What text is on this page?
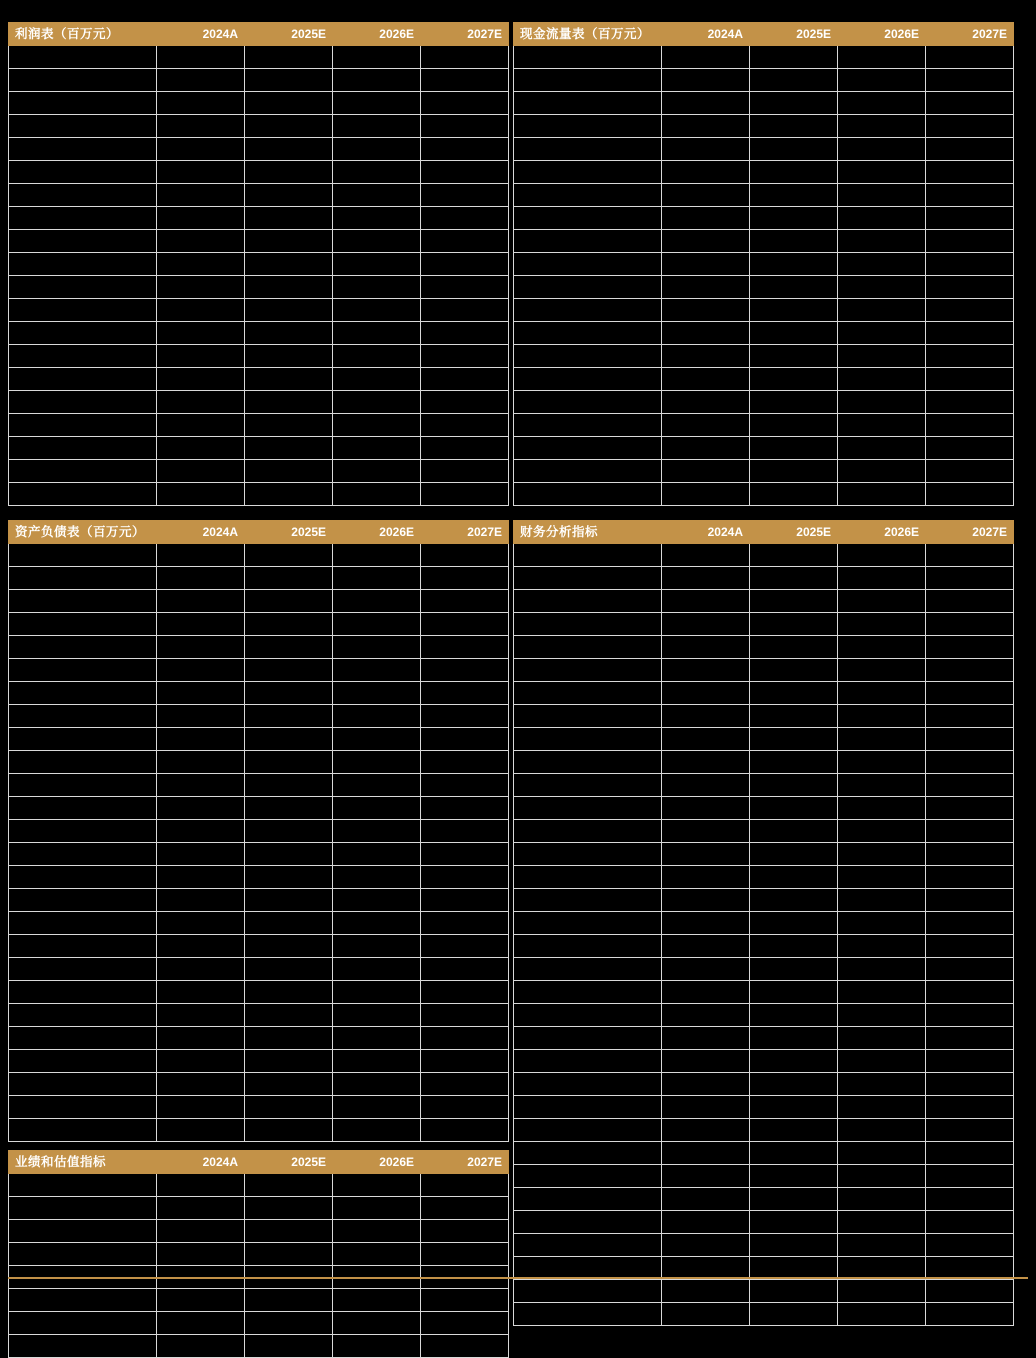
利润表（百万元）	2024A	2025E	2026E	2027E

资产负债表（百万元）	2024A	2025E	2026E	2027E

业绩和估值指标	2024A	2025E	2026E	2027E

现金流量表（百万元）	2024A	2025E	2026E	2027E

财务分析指标	2024A	2025E	2026E	2027E
